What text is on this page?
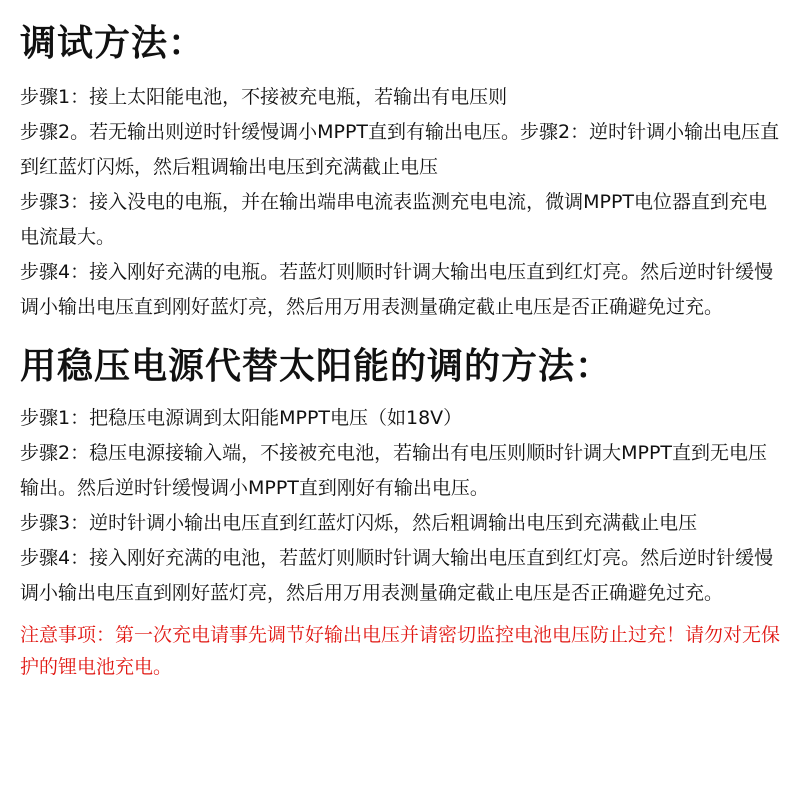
调试方法：

步骤1：接上太阳能电池，不接被充电瓶，若输出有电压则

步骤2。若无输出则逆时针缓慢调小MPPT直到有输出电压。步骤2：逆时针调小输出电压直到红蓝灯闪烁，然后粗调输出电压到充满截止电压

步骤3：接入没电的电瓶，并在输出端串电流表监测充电电流，微调MPPT电位器直到充电电流最大。

步骤4：接入刚好充满的电瓶。若蓝灯则顺时针调大输出电压直到红灯亮。然后逆时针缓慢调小输出电压直到刚好蓝灯亮，然后用万用表测量确定截止电压是否正确避免过充。

用稳压电源代替太阳能的调的方法：

步骤1：把稳压电源调到太阳能MPPT电压（如18V）

步骤2：稳压电源接输入端，不接被充电池，若输出有电压则顺时针调大MPPT直到无电压输出。然后逆时针缓慢调小MPPT直到刚好有输出电压。

步骤3：逆时针调小输出电压直到红蓝灯闪烁，然后粗调输出电压到充满截止电压

步骤4：接入刚好充满的电池，若蓝灯则顺时针调大输出电压直到红灯亮。然后逆时针缓慢调小输出电压直到刚好蓝灯亮，然后用万用表测量确定截止电压是否正确避免过充。

注意事项：第一次充电请事先调节好输出电压并请密切监控电池电压防止过充！请勿对无保护的锂电池充电。
